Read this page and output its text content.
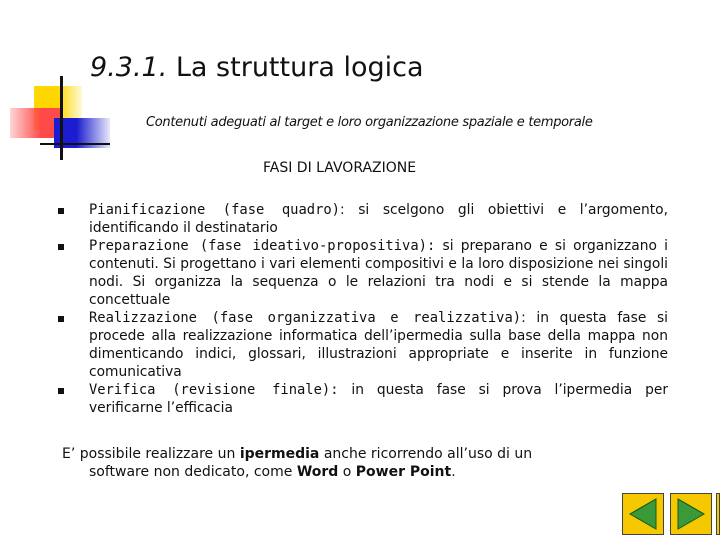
9.3.1. La struttura logica
Contenuti adeguati al target e loro organizzazione spaziale e temporale
FASI DI LAVORAZIONE
Pianificazione (fase quadro): si scelgono gli obiettivi e l’argomento, identificando il destinatario
Preparazione (fase ideativo-propositiva): si preparano e si organizzano i contenuti. Si progettano i vari elementi compositivi e la loro disposizione nei singoli nodi. Si organizza la sequenza o le relazioni tra nodi e si stende la mappa concettuale
Realizzazione (fase organizzativa e realizzativa): in questa fase si procede alla realizzazione informatica dell’ipermedia sulla base della mappa non dimenticando indici, glossari, illustrazioni appropriate e inserite in funzione comunicativa
Verifica (revisione finale): in questa fase si prova l’ipermedia per verificarne l’efficacia
E’ possibile realizzare un ipermedia anche ricorrendo all’uso di un
software non dedicato, come Word o Power Point.
